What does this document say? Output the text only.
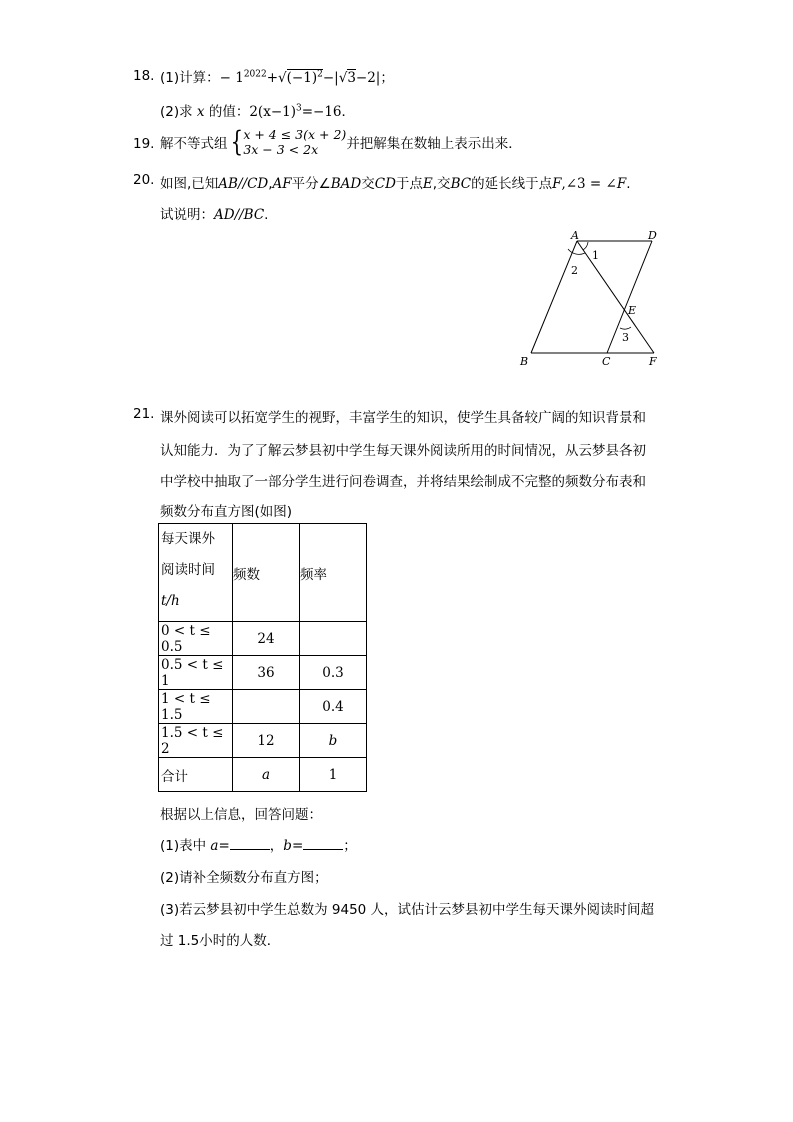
18. (1)计算：− $1^{2022}+√(-1)^2-|√3-2|$；
(2)求 x 的值：$2(x-1)^3=-16$．
19. 解不等式组{x + 4 ≤ 3(x + 2)
3x − 3 < 2x 并把解集在数轴上表示出来．
20. 如图,已知AB//CD,AF平分∠BAD交CD于点E,交BC的延长线于点F,∠3 = ∠F.
试说明：AD//BC.
A	D
B	C	F
E
1
2
3
21. 课外阅读可以拓宽学生的视野，丰富学生的知识，使学生具备较广阔的知识背景和
认知能力．为了了解云梦县初中学生每天课外阅读所用的时间情况，从云梦县各初
中学校中抽取了一部分学生进行问卷调查，并将结果绘制成不完整的频数分布表和
频数分布直方图(如图)
每天课外
阅读时间
t/h	频数	频率
0 < t ≤ 0.5	24	
0.5 < t ≤ 1	36	0.3
1 < t ≤ 1.5		0.4
1.5 < t ≤ 2	12	b
合计	a	1
根据以上信息，回答问题：
(1)表中 a=	，b=	；
(2)请补全频数分布直方图；
(3)若云梦县初中学生总数为 9450 人，试估计云梦县初中学生每天课外阅读时间超
过 1.5小时的人数．
